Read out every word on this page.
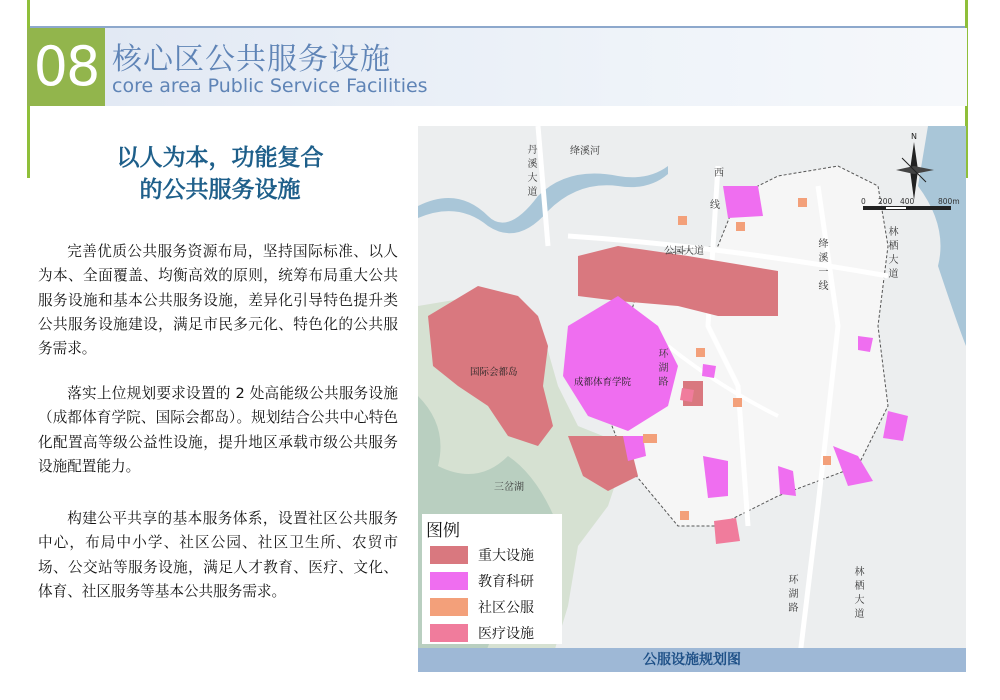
08 核心区公共服务设施
core area Public Service Facilities
以人为本，功能复合
的公共服务设施

完善优质公共服务资源布局，坚持国际标准、以人为本、全面覆盖、均衡高效的原则，统筹布局重大公共服务设施和基本公共服务设施，差异化引导特色提升类公共服务设施建设，满足市民多元化、特色化的公共服务需求。

落实上位规划要求设置的 2 处高能级公共服务设施（成都体育学院、国际会都岛）。规划结合公共中心特色化配置高等级公益性设施，提升地区承载市级公共服务设施配置能力。

构建公平共享的基本服务体系，设置社区公共服务中心，布局中小学、社区公园、社区卫生所、农贸市场、公交站等服务设施，满足人才教育、医疗、文化、体育、社区服务等基本公共服务需求。

N
0 200 400	800m
丹溪大道	绛溪河
西
线
公园大道	绛溪一线	林栖大道
环湖路
环湖路	林栖大道
三岔湖
国际会都岛
成都体育学院
图例
重大设施
教育科研
社区公服
医疗设施
公服设施规划图
